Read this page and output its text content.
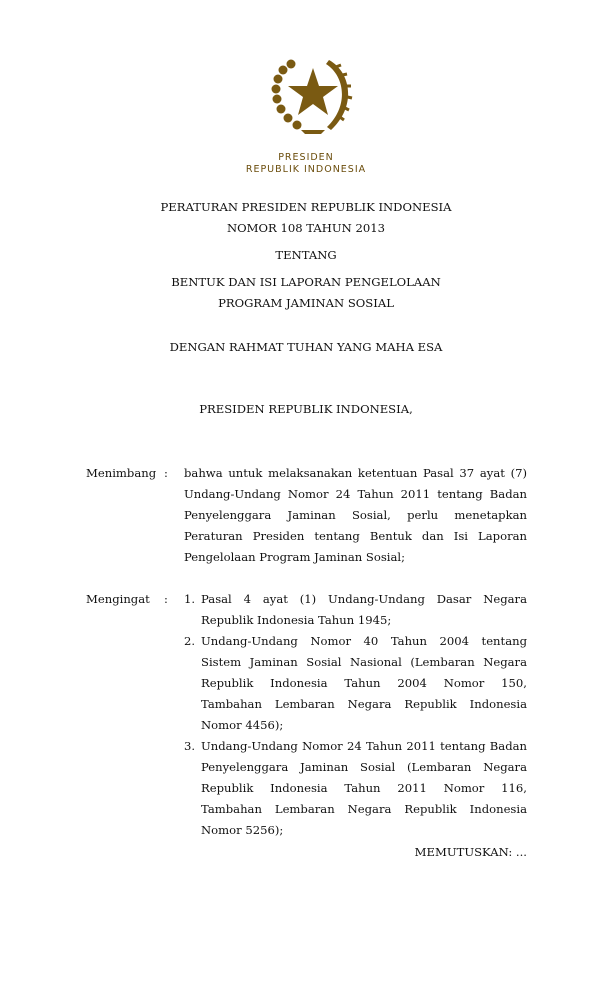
PRESIDEN
REPUBLIK INDONESIA
PERATURAN PRESIDEN REPUBLIK INDONESIA
NOMOR 108 TAHUN 2013
TENTANG
BENTUK DAN ISI LAPORAN PENGELOLAAN
PROGRAM JAMINAN SOSIAL
DENGAN RAHMAT TUHAN YANG MAHA ESA
PRESIDEN REPUBLIK INDONESIA,
Menimbang : bahwa untuk melaksanakan ketentuan Pasal 37 ayat (7)
Undang-Undang Nomor 24 Tahun 2011 tentang Badan
Penyelenggara Jaminan Sosial, perlu menetapkan
Peraturan Presiden tentang Bentuk dan Isi Laporan
Pengelolaan Program Jaminan Sosial;
Mengingat : 1. Pasal 4 ayat (1) Undang-Undang Dasar Negara
Republik Indonesia Tahun 1945;
2. Undang-Undang Nomor 40 Tahun 2004 tentang
Sistem Jaminan Sosial Nasional (Lembaran Negara
Republik Indonesia Tahun 2004 Nomor 150,
Tambahan Lembaran Negara Republik Indonesia
Nomor 4456);
3. Undang-Undang Nomor 24 Tahun 2011 tentang Badan
Penyelenggara Jaminan Sosial (Lembaran Negara
Republik Indonesia Tahun 2011 Nomor 116,
Tambahan Lembaran Negara Republik Indonesia
Nomor 5256);
MEMUTUSKAN: ...
